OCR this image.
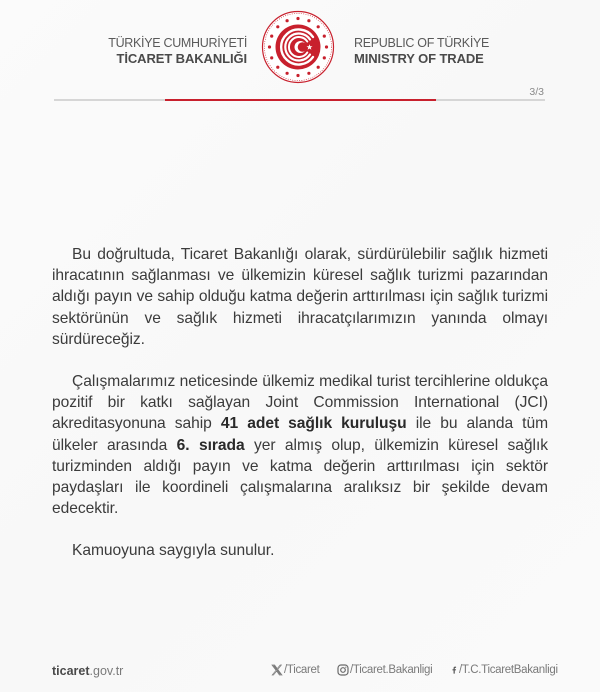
TÜRKİYE CUMHURİYETİ
TİCARET BAKANLIĞI
REPUBLIC OF TÜRKİYE
MINISTRY OF TRADE
3/3

Bu doğrultuda, Ticaret Bakanlığı olarak, sürdürülebilir sağlık hizmeti ihracatının sağlanması ve ülkemizin küresel sağlık turizmi pazarından aldığı payın ve sahip olduğu katma değerin arttırılması için sağlık turizmi sektörünün ve sağlık hizmeti ihracatçılarımızın yanında olmayı sürdüreceğiz.

Çalışmalarımız neticesinde ülkemiz medikal turist tercihlerine oldukça pozitif bir katkı sağlayan Joint Commission International (JCI) akreditasyonuna sahip 41 adet sağlık kuruluşu ile bu alanda tüm ülkeler arasında 6. sırada yer almış olup, ülkemizin küresel sağlık turizminden aldığı payın ve katma değerin arttırılması için sektör paydaşları ile koordineli çalışmalarına aralıksız bir şekilde devam edecektir.

Kamuoyuna saygıyla sunulur.

ticaret.gov.tr	/Ticaret	/Ticaret.Bakanligi /T.C.TicaretBakanligi
